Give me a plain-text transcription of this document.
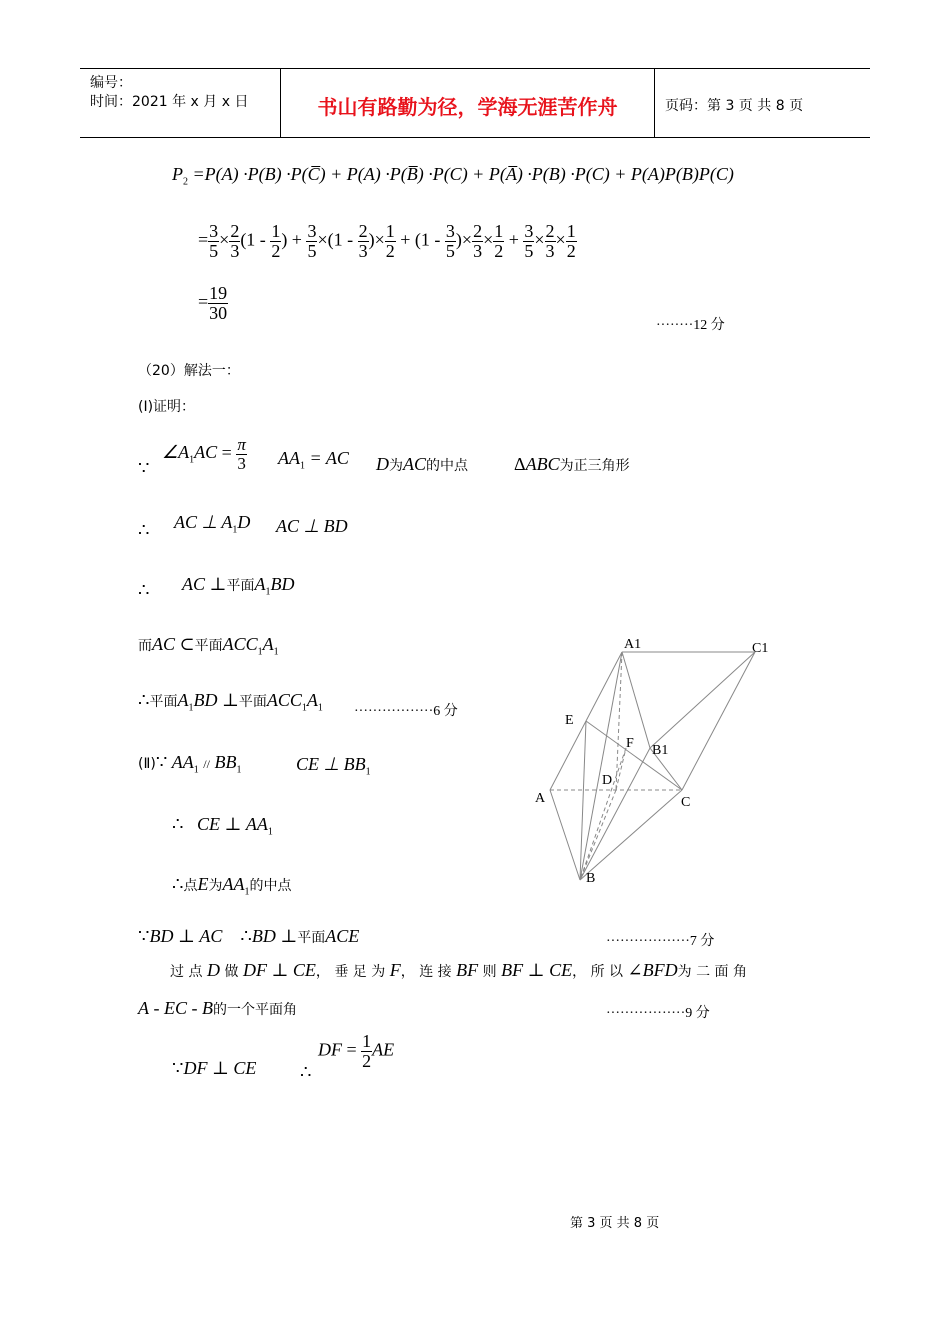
编号：
时间：2021 年 x 月 x 日	书山有路勤为径，学海无涯苦作舟	页码：第 3 页 共 8 页
$P_2 =P(A) \cdot P(B)$ ·P(C̅) + P(A) ·P(B̅) ·P(C) + P(A̅) ·P(B) ·P(C) + P(A)P(B)P(C)
= $\frac{3}{5} \times \frac{2}{3} (1 - \frac{1}{2}$ ) + $\frac{3}{5} \times(1 - \frac{2}{3}$ )× $\frac{1}{2} + (1 - \frac{3}{5}$ )× $\frac{2}{3} \times \frac{1}{2} + \frac{3}{5} \times \frac{2}{3} \times \frac{1}{2}$
= $\frac{19}{30}$
········12 分
（20）解法一：
(Ⅰ)证明：
∵
$\angle A_1AC = \frac{\pi}{3} AA_1$ = AC D为AC的中点	ΔABC为正三角形
∴ AC ⊥ $A_1D$ AC ⊥ BD
∴ AC ⊥平面$A_1BD$
而AC ⊂平面$ACC_1A_1$
∴平面$A_1BD$ ⊥平面$ACC_1A_1 \cdot\cdot\cdot\cdot\cdot\cdot\cdot\cdot\cdot\cdot\cdot\cdot\cdot\cdot\cdot\cdot\cdot 6$ 分
(Ⅱ)∵ $AA_1 // BB_1$	CE ⊥ $BB_1$
∴   CE ⊥ $AA_1$
∴点E为$AA_1$的中点
∵BD ⊥ AC    ∴BD ⊥平面ACE	··················7 分
过 点 D 做 DF ⊥ CE， 垂 足 为 F， 连 接 BF 则 BF ⊥ CE， 所 以 ∠BFD为 二 面 角
A - EC - B的一个平面角	·················9 分
∵DF ⊥ CE ∴
DF = $\frac{1}{2}$ AE
A1	C1
E
F B1
D
A	C
B
第 3 页 共 8 页
